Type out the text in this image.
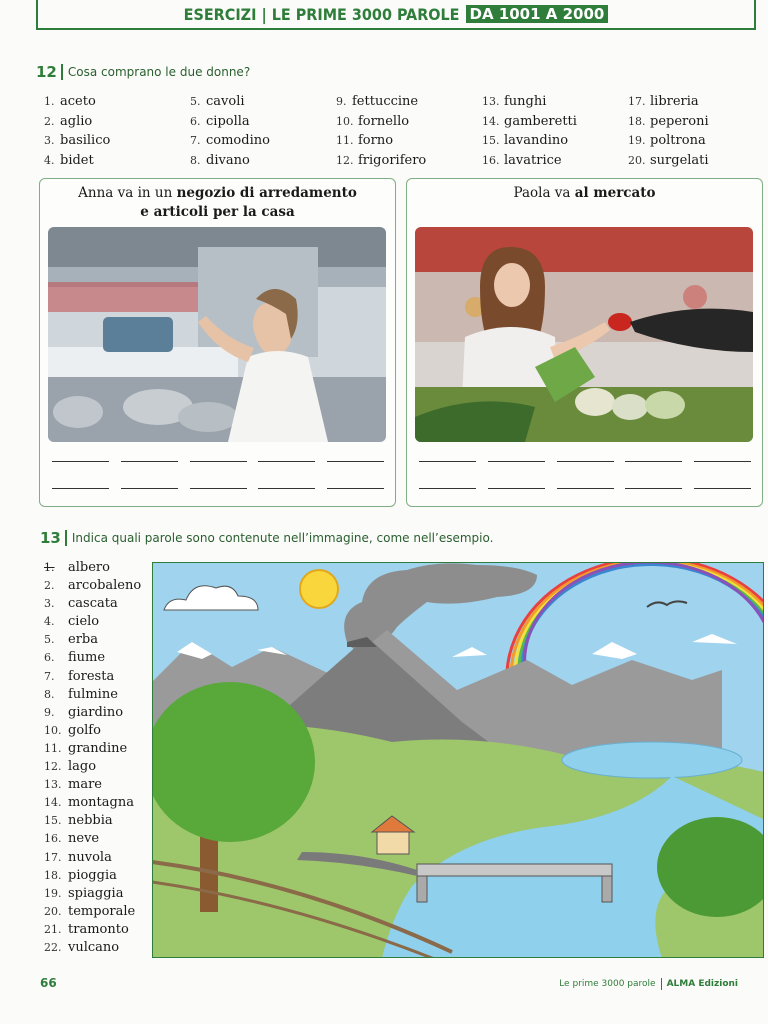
ESERCIZI | LE PRIME 3000 PAROLE DA 1001 A 2000
12 Cosa comprano le due donne?
1. aceto	5. cavoli	9. fettuccine	13. funghi	17. libreria
2. aglio	6. cipolla	10. fornello	14. gamberetti	18. peperoni
3. basilico	7. comodino	11. forno	15. lavandino	19. poltrona
4. bidet	8. divano	12. frigorifero	16. lavatrice	20. surgelati
Anna va in un negozio di arredamento
e articoli per la casa
Paola va al mercato
13 Indica quali parole sono contenute nell’immagine, come nell’esempio.
1.	albero
2.	arcobaleno
3.	cascata
4.	cielo
5.	erba
6.	fiume
7.	foresta
8.	fulmine
9.	giardino
10. golfo
11. grandine
12. lago
13. mare
14. montagna
15. nebbia
16. neve
17. nuvola
18. pioggia
19. spiaggia
20. temporale
21. tramonto
22. vulcano
66	Le prime 3000 parole ALMA Edizioni
